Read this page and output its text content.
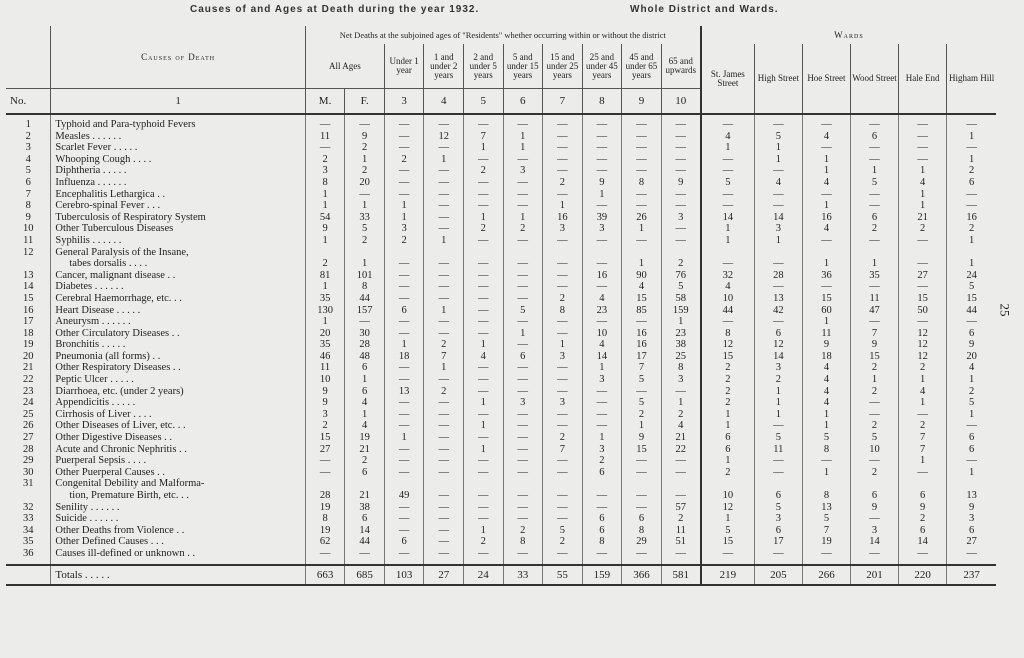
Causes of and Ages at Death during the year 1932.	Whole District and Wards.
25
	Causes of Death	Net Deaths at the subjoined ages of "Residents" whether occurring within or without the district										Wards					
		All Ages		Under 1 year	1 and under 2 years	2 and under 5 years	5 and under 15 years	15 and under 25 years	25 and under 45 years	45 and under 65 years	65 and upwards	St. James Street	High Street	Hoe Street	Wood Street	Hale End	Higham Hill
No.	1	M.	F.	3	4	5	6	7	8	9	10						

1	Typhoid and Para-typhoid Fevers	—	—	—	—	—	—	—	—	—	—	—	—	—	—	—	—
2	Measles . . . . . .	11	9	—	12	7	1	—	—	—	—	4	5	4	6	—	1
3	Scarlet Fever . . . . .	—	2	—	—	1	1	—	—	—	—	1	1	—	—	—	—
4	Whooping Cough . . . .	2	1	2	1	—	—	—	—	—	—	—	1	1	—	—	1
5	Diphtheria . . . . .	3	2	—	—	2	3	—	—	—	—	—	—	1	1	1	2
6	Influenza . . . . . .	8	20	—	—	—	—	2	9	8	9	5	4	4	5	4	6
7	Encephalitis Lethargica . .	1	—	—	—	—	—	—	1	—	—	—	—	—	—	1	—
8	Cerebro-spinal Fever . . .	1	1	1	—	—	—	1	—	—	—	—	—	1	—	1	—
9	Tuberculosis of Respiratory System	54	33	1	—	1	1	16	39	26	3	14	14	16	6	21	16
10	Other Tuberculous Diseases	9	5	3	—	2	2	3	3	1	—	1	3	4	2	2	2
11	Syphilis . . . . . .	1	2	2	1	—	—	—	—	—	—	1	1	—	—	—	1
12	General Paralysis of the Insane,																
	tabes dorsalis . . . .	2	1	—	—	—	—	—	—	1	2	—	—	1	1	—	1
13	Cancer, malignant disease . .	81	101	—	—	—	—	—	16	90	76	32	28	36	35	27	24
14	Diabetes . . . . . .	1	8	—	—	—	—	—	—	4	5	4	—	—	—	—	5
15	Cerebral Haemorrhage, etc. . .	35	44	—	—	—	—	2	4	15	58	10	13	15	11	15	15
16	Heart Disease . . . . .	130	157	6	1	—	5	8	23	85	159	44	42	60	47	50	44
17	Aneurysm . . . . . .	1	—	—	—	—	—	—	—	—	1	—	—	1	—	—	—
18	Other Circulatory Diseases . .	20	30	—	—	—	1	—	10	16	23	8	6	11	7	12	6
19	Bronchitis . . . . .	35	28	1	2	1	—	1	4	16	38	12	12	9	9	12	9
20	Pneumonia (all forms) . .	46	48	18	7	4	6	3	14	17	25	15	14	18	15	12	20
21	Other Respiratory Diseases . .	11	6	—	1	—	—	—	1	7	8	2	3	4	2	2	4
22	Peptic Ulcer . . . . .	10	1	—	—	—	—	—	3	5	3	2	2	4	1	1	1
23	Diarrhoea, etc. (under 2 years)	9	6	13	2	—	—	—	—	—	—	2	1	4	2	4	2
24	Appendicitis . . . . .	9	4	—	—	1	3	3	—	5	1	2	1	4	—	1	5
25	Cirrhosis of Liver . . . .	3	1	—	—	—	—	—	—	2	2	1	1	1	—	—	1
26	Other Diseases of Liver, etc. . .	2	4	—	—	1	—	—	—	1	4	1	—	1	2	2	—
27	Other Digestive Diseases . .	15	19	1	—	—	—	2	1	9	21	6	5	5	5	7	6
28	Acute and Chronic Nephritis . .	27	21	—	—	1	—	7	3	15	22	6	11	8	10	7	6
29	Puerperal Sepsis . . . .	—	2	—	—	—	—	—	2	—	—	1	—	—	—	1	—
30	Other Puerperal Causes . .	—	6	—	—	—	—	—	6	—	—	2	—	1	2	—	1
31	Congenital Debility and Malforma-																
	tion, Premature Birth, etc. . .	28	21	49	—	—	—	—	—	—	—	10	6	8	6	6	13
32	Senility . . . . . .	19	38	—	—	—	—	—	—	—	57	12	5	13	9	9	9
33	Suicide . . . . . .	8	6	—	—	—	—	—	6	6	2	1	3	5	—	2	3
34	Other Deaths from Violence . .	19	14	—	—	1	2	5	6	8	11	5	6	7	3	6	6
35	Other Defined Causes . . .	62	44	6	—	2	8	2	8	29	51	15	17	19	14	14	27
36	Causes ill-defined or unknown . .	—	—	—	—	—	—	—	—	—	—	—	—	—	—	—	—

	Totals . . . . .	663	685	103	27	24	33	55	159	366	581	219	205	266	201	220	237
